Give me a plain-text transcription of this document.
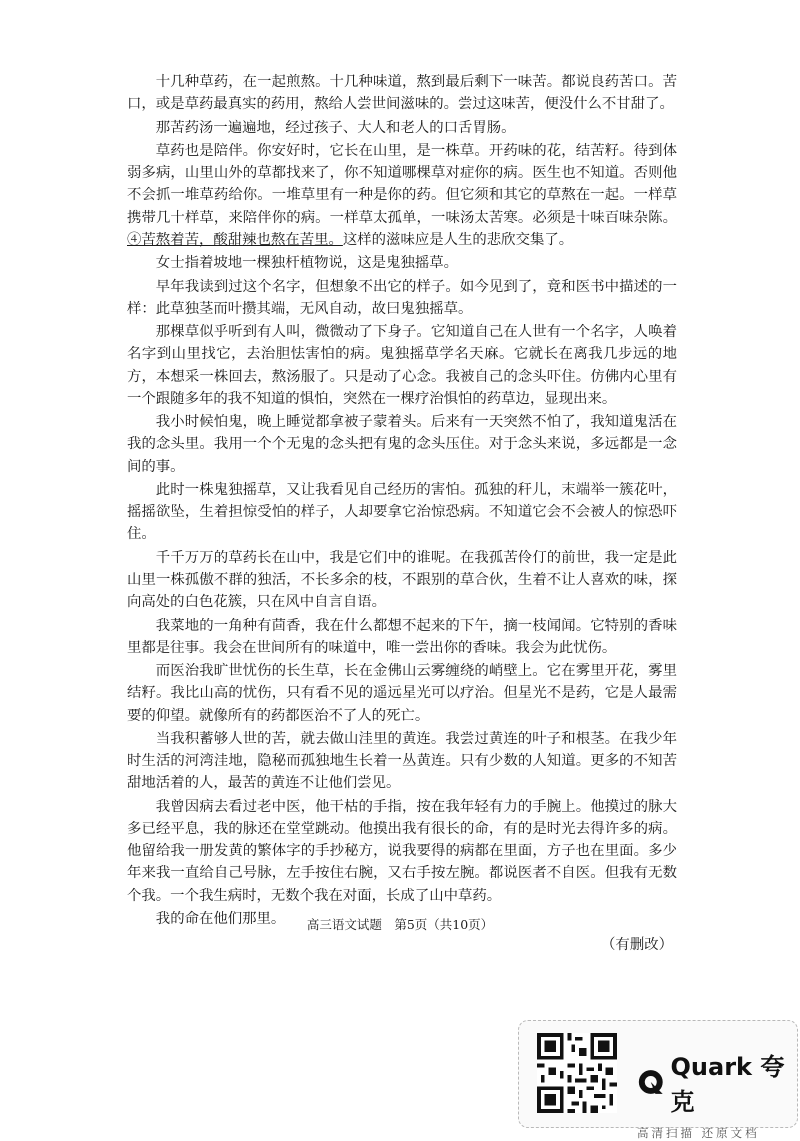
十几种草药，在一起煎熬。十几种味道，熬到最后剩下一味苦。都说良药苦口。苦口，或是草药最真实的药用，熬给人尝世间滋味的。尝过这味苦，便没什么不甘甜了。

那苦药汤一遍遍地，经过孩子、大人和老人的口舌胃肠。

草药也是陪伴。你安好时，它长在山里，是一株草。开药味的花，结苦籽。待到体弱多病，山里山外的草都找来了，你不知道哪棵草对症你的病。医生也不知道。否则他不会抓一堆草药给你。一堆草里有一种是你的药。但它须和其它的草熬在一起。一样草携带几十样草，来陪伴你的病。一样草太孤单，一味汤太苦寒。必须是十味百味杂陈。④苦熬着苦，酸甜辣也熬在苦里。这样的滋味应是人生的悲欣交集了。

女士指着坡地一棵独杆植物说，这是鬼独摇草。

早年我读到过这个名字，但想象不出它的样子。如今见到了，竟和医书中描述的一样：此草独茎而叶攒其端，无风自动，故曰鬼独摇草。

那棵草似乎听到有人叫，微微动了下身子。它知道自己在人世有一个名字，人唤着名字到山里找它，去治胆怯害怕的病。鬼独摇草学名天麻。它就长在离我几步远的地方，本想采一株回去，熬汤服了。只是动了心念。我被自己的念头吓住。仿佛内心里有一个跟随多年的我不知道的惧怕，突然在一棵疗治惧怕的药草边，显现出来。

我小时候怕鬼，晚上睡觉都拿被子蒙着头。后来有一天突然不怕了，我知道鬼活在我的念头里。我用一个个无鬼的念头把有鬼的念头压住。对于念头来说，多远都是一念间的事。

此时一株鬼独摇草，又让我看见自己经历的害怕。孤独的秆儿，末端举一簇花叶，摇摇欲坠，生着担惊受怕的样子，人却要拿它治惊恐病。不知道它会不会被人的惊恐吓住。

千千万万的草药长在山中，我是它们中的谁呢。在我孤苦伶仃的前世，我一定是此山里一株孤傲不群的独活，不长多余的枝，不跟别的草合伙，生着不让人喜欢的味，探向高处的白色花簇，只在风中自言自语。

我菜地的一角种有茴香，我在什么都想不起来的下午，摘一枝闻闻。它特别的香味里都是往事。我会在世间所有的味道中，唯一尝出你的香味。我会为此忧伤。

而医治我旷世忧伤的长生草，长在金佛山云雾缠绕的峭壁上。它在雾里开花，雾里结籽。我比山高的忧伤，只有看不见的遥远星光可以疗治。但星光不是药，它是人最需要的仰望。就像所有的药都医治不了人的死亡。

当我积蓄够人世的苦，就去做山洼里的黄连。我尝过黄连的叶子和根茎。在我少年时生活的河湾洼地，隐秘而孤独地生长着一丛黄连。只有少数的人知道。更多的不知苦甜地活着的人，最苦的黄连不让他们尝见。

我曾因病去看过老中医，他干枯的手指，按在我年轻有力的手腕上。他摸过的脉大多已经平息，我的脉还在堂堂跳动。他摸出我有很长的命，有的是时光去得许多的病。他留给我一册发黄的繁体字的手抄秘方，说我要得的病都在里面，方子也在里面。多少年来我一直给自己号脉，左手按住右腕，又右手按左腕。都说医者不自医。但我有无数个我。一个我生病时，无数个我在对面，长成了山中草药。

我的命在他们那里。

（有删改）

高三语文试题　第5页（共10页）
Quark 夸克
高清扫描 还原文档
